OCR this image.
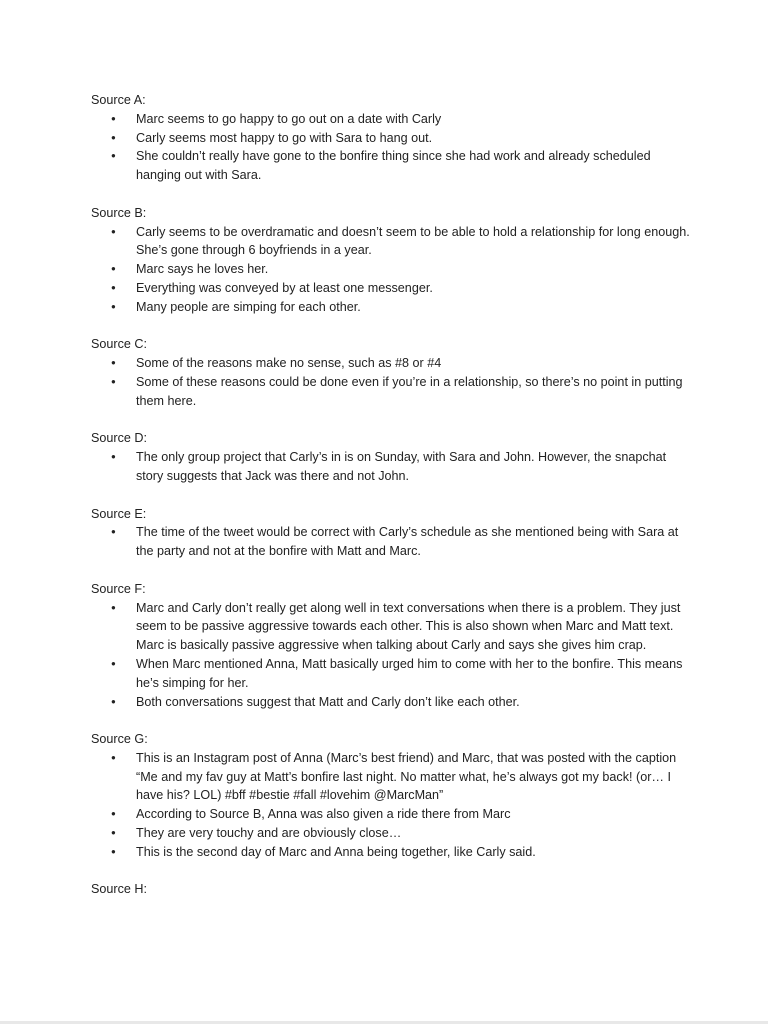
Source A:

● Marc seems to go happy to go out on a date with Carly
● Carly seems most happy to go with Sara to hang out.
● She couldn’t really have gone to the bonfire thing since she had work and already scheduled hanging out with Sara.

Source B:

● Carly seems to be overdramatic and doesn’t seem to be able to hold a relationship for long enough. She’s gone through 6 boyfriends in a year.
● Marc says he loves her.
● Everything was conveyed by at least one messenger.
● Many people are simping for each other.

Source C:

● Some of the reasons make no sense, such as #8 or #4
● Some of these reasons could be done even if you’re in a relationship, so there’s no point in putting them here.

Source D:

● The only group project that Carly’s in is on Sunday, with Sara and John. However, the snapchat story suggests that Jack was there and not John.

Source E:

● The time of the tweet would be correct with Carly’s schedule as she mentioned being with Sara at the party and not at the bonfire with Matt and Marc.

Source F:

● Marc and Carly don’t really get along well in text conversations when there is a problem. They just seem to be passive aggressive towards each other. This is also shown when Marc and Matt text. Marc is basically passive aggressive when talking about Carly and says she gives him crap.
● When Marc mentioned Anna, Matt basically urged him to come with her to the bonfire. This means he’s simping for her.
● Both conversations suggest that Matt and Carly don’t like each other.

Source G:

● This is an Instagram post of Anna (Marc’s best friend) and Marc, that was posted with the caption “Me and my fav guy at Matt’s bonfire last night. No matter what, he’s always got my back! (or… I have his? LOL) #bff #bestie #fall #lovehim @MarcMan”
● According to Source B, Anna was also given a ride there from Marc
● They are very touchy and are obviously close…
● This is the second day of Marc and Anna being together, like Carly said.

Source H:
